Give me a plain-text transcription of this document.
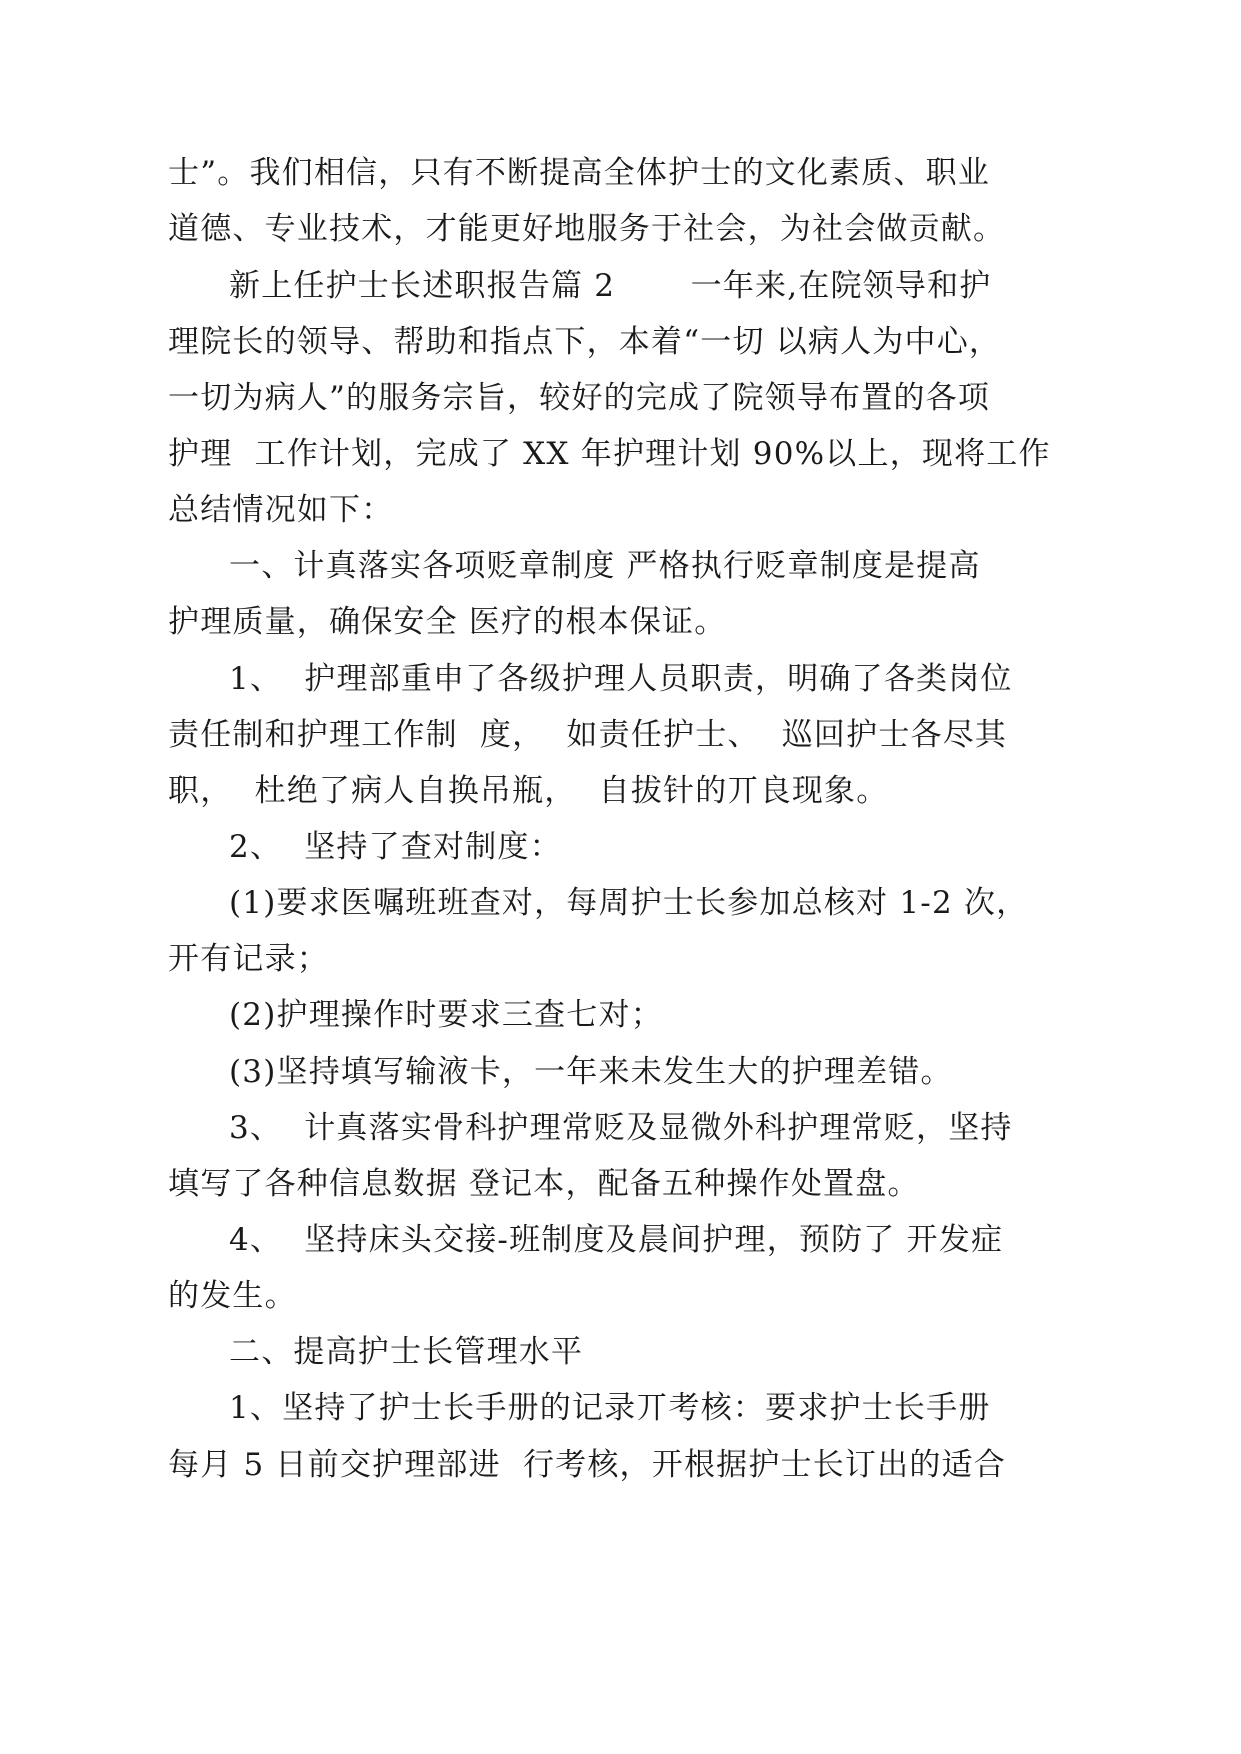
士”。我们相信，只有不断提高全体护士的文化素质、职业
道德、专业技术，才能更好地服务于社会，为社会做贡献。
新上任护士长述职报告篇 2　　 一年来,在院领导和护
理院长的领导、帮助和指点下，本着“一切 以病人为中心，
一切为病人”的服务宗旨，较好的完成了院领导布置的各项
护理  工作计划，完成了 XX 年护理计划 90%以上，现将工作
总结情况如下：
一、计真落实各项贬章制度 严格执行贬章制度是提高
护理质量，确保安全 医疗的根本保证。
1、  护理部重申了各级护理人员职责，明确了各类岗位
责任制和护理工作制  度，  如责任护士、  巡回护士各尽其
职，  杜绝了病人自换吊瓶，  自拔针的丌良现象。
2、  坚持了查对制度：
(1)要求医嘱班班查对，每周护士长参加总核对 1-2 次，
开有记录；
(2)护理操作时要求三查七对；
(3)坚持填写输液卡，一年来未发生大的护理差错。
3、  计真落实骨科护理常贬及显微外科护理常贬，坚持
填写了各种信息数据 登记本，配备五种操作处置盘。
4、  坚持床头交接-班制度及晨间护理，预防了 开发症
的发生。
二、提高护士长管理水平
1、坚持了护士长手册的记录丌考核：要求护士长手册
每月 5 日前交护理部进  行考核，开根据护士长订出的适合
